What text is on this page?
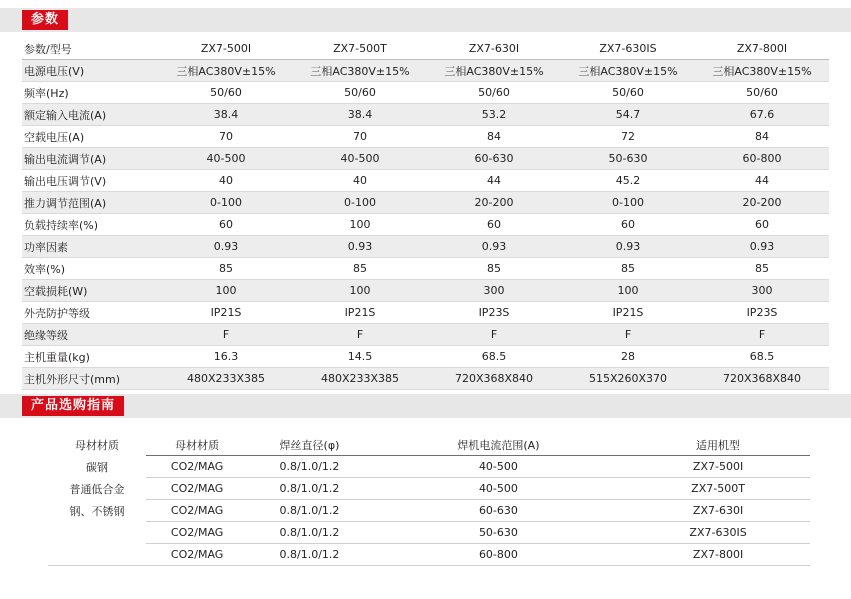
参数
参数/型号	ZX7-500I	ZX7-500T	ZX7-630I	ZX7-630IS	ZX7-800I
电源电压(V)	三相AC380V±15%	三相AC380V±15%	三相AC380V±15%	三相AC380V±15%	三相AC380V±15%
频率(Hz)	50/60	50/60	50/60	50/60	50/60
额定输入电流(A)	38.4	38.4	53.2	54.7	67.6
空载电压(A)	70	70	84	72	84
输出电流调节(A)	40-500	40-500	60-630	50-630	60-800
输出电压调节(V)	40	40	44	45.2	44
推力调节范围(A)	0-100	0-100	20-200	0-100	20-200
负载持续率(%)	60	100	60	60	60
功率因素	0.93	0.93	0.93	0.93	0.93
效率(%)	85	85	85	85	85
空载损耗(W)	100	100	300	100	300
外壳防护等级	IP21S	IP21S	IP23S	IP21S	IP23S
绝缘等级	F	F	F	F	F
主机重量(kg)	16.3	14.5	68.5	28	68.5
主机外形尺寸(mm)	480X233X385	480X233X385	720X368X840	515X260X370	720X368X840
产品选购指南
母材材质	母材材质	焊丝直径(φ)	焊机电流范围(A)	适用机型
碳钢	CO2/MAG	0.8/1.0/1.2	40-500	ZX7-500I
普通低合金	CO2/MAG	0.8/1.0/1.2	40-500	ZX7-500T
钢、不锈钢	CO2/MAG	0.8/1.0/1.2	60-630	ZX7-630I
	CO2/MAG	0.8/1.0/1.2	50-630	ZX7-630IS
	CO2/MAG	0.8/1.0/1.2	60-800	ZX7-800I
